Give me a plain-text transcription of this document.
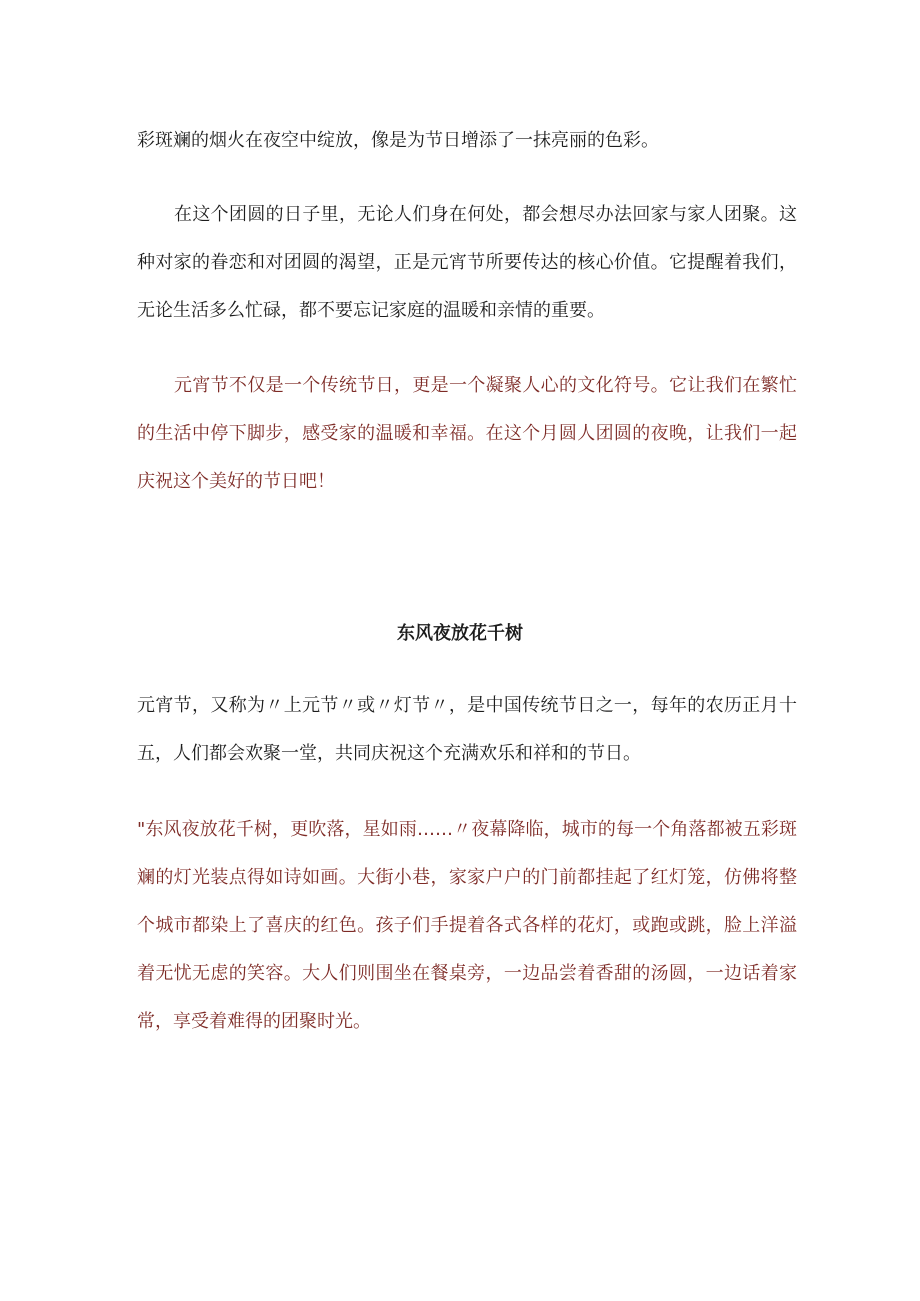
彩斑斓的烟火在夜空中绽放，像是为节日增添了一抹亮丽的色彩。

在这个团圆的日子里，无论人们身在何处，都会想尽办法回家与家人团聚。这种对家的眷恋和对团圆的渴望，正是元宵节所要传达的核心价值。它提醒着我们，无论生活多么忙碌，都不要忘记家庭的温暖和亲情的重要。

元宵节不仅是一个传统节日，更是一个凝聚人心的文化符号。它让我们在繁忙的生活中停下脚步，感受家的温暖和幸福。在这个月圆人团圆的夜晚，让我们一起庆祝这个美好的节日吧！

东风夜放花千树

元宵节，又称为〃上元节〃或〃灯节〃，是中国传统节日之一，每年的农历正月十五，人们都会欢聚一堂，共同庆祝这个充满欢乐和祥和的节日。

"东风夜放花千树，更吹落，星如雨……〃夜幕降临，城市的每一个角落都被五彩斑斓的灯光装点得如诗如画。大街小巷，家家户户的门前都挂起了红灯笼，仿佛将整个城市都染上了喜庆的红色。孩子们手提着各式各样的花灯，或跑或跳，脸上洋溢着无忧无虑的笑容。大人们则围坐在餐桌旁，一边品尝着香甜的汤圆，一边话着家常，享受着难得的团聚时光。
